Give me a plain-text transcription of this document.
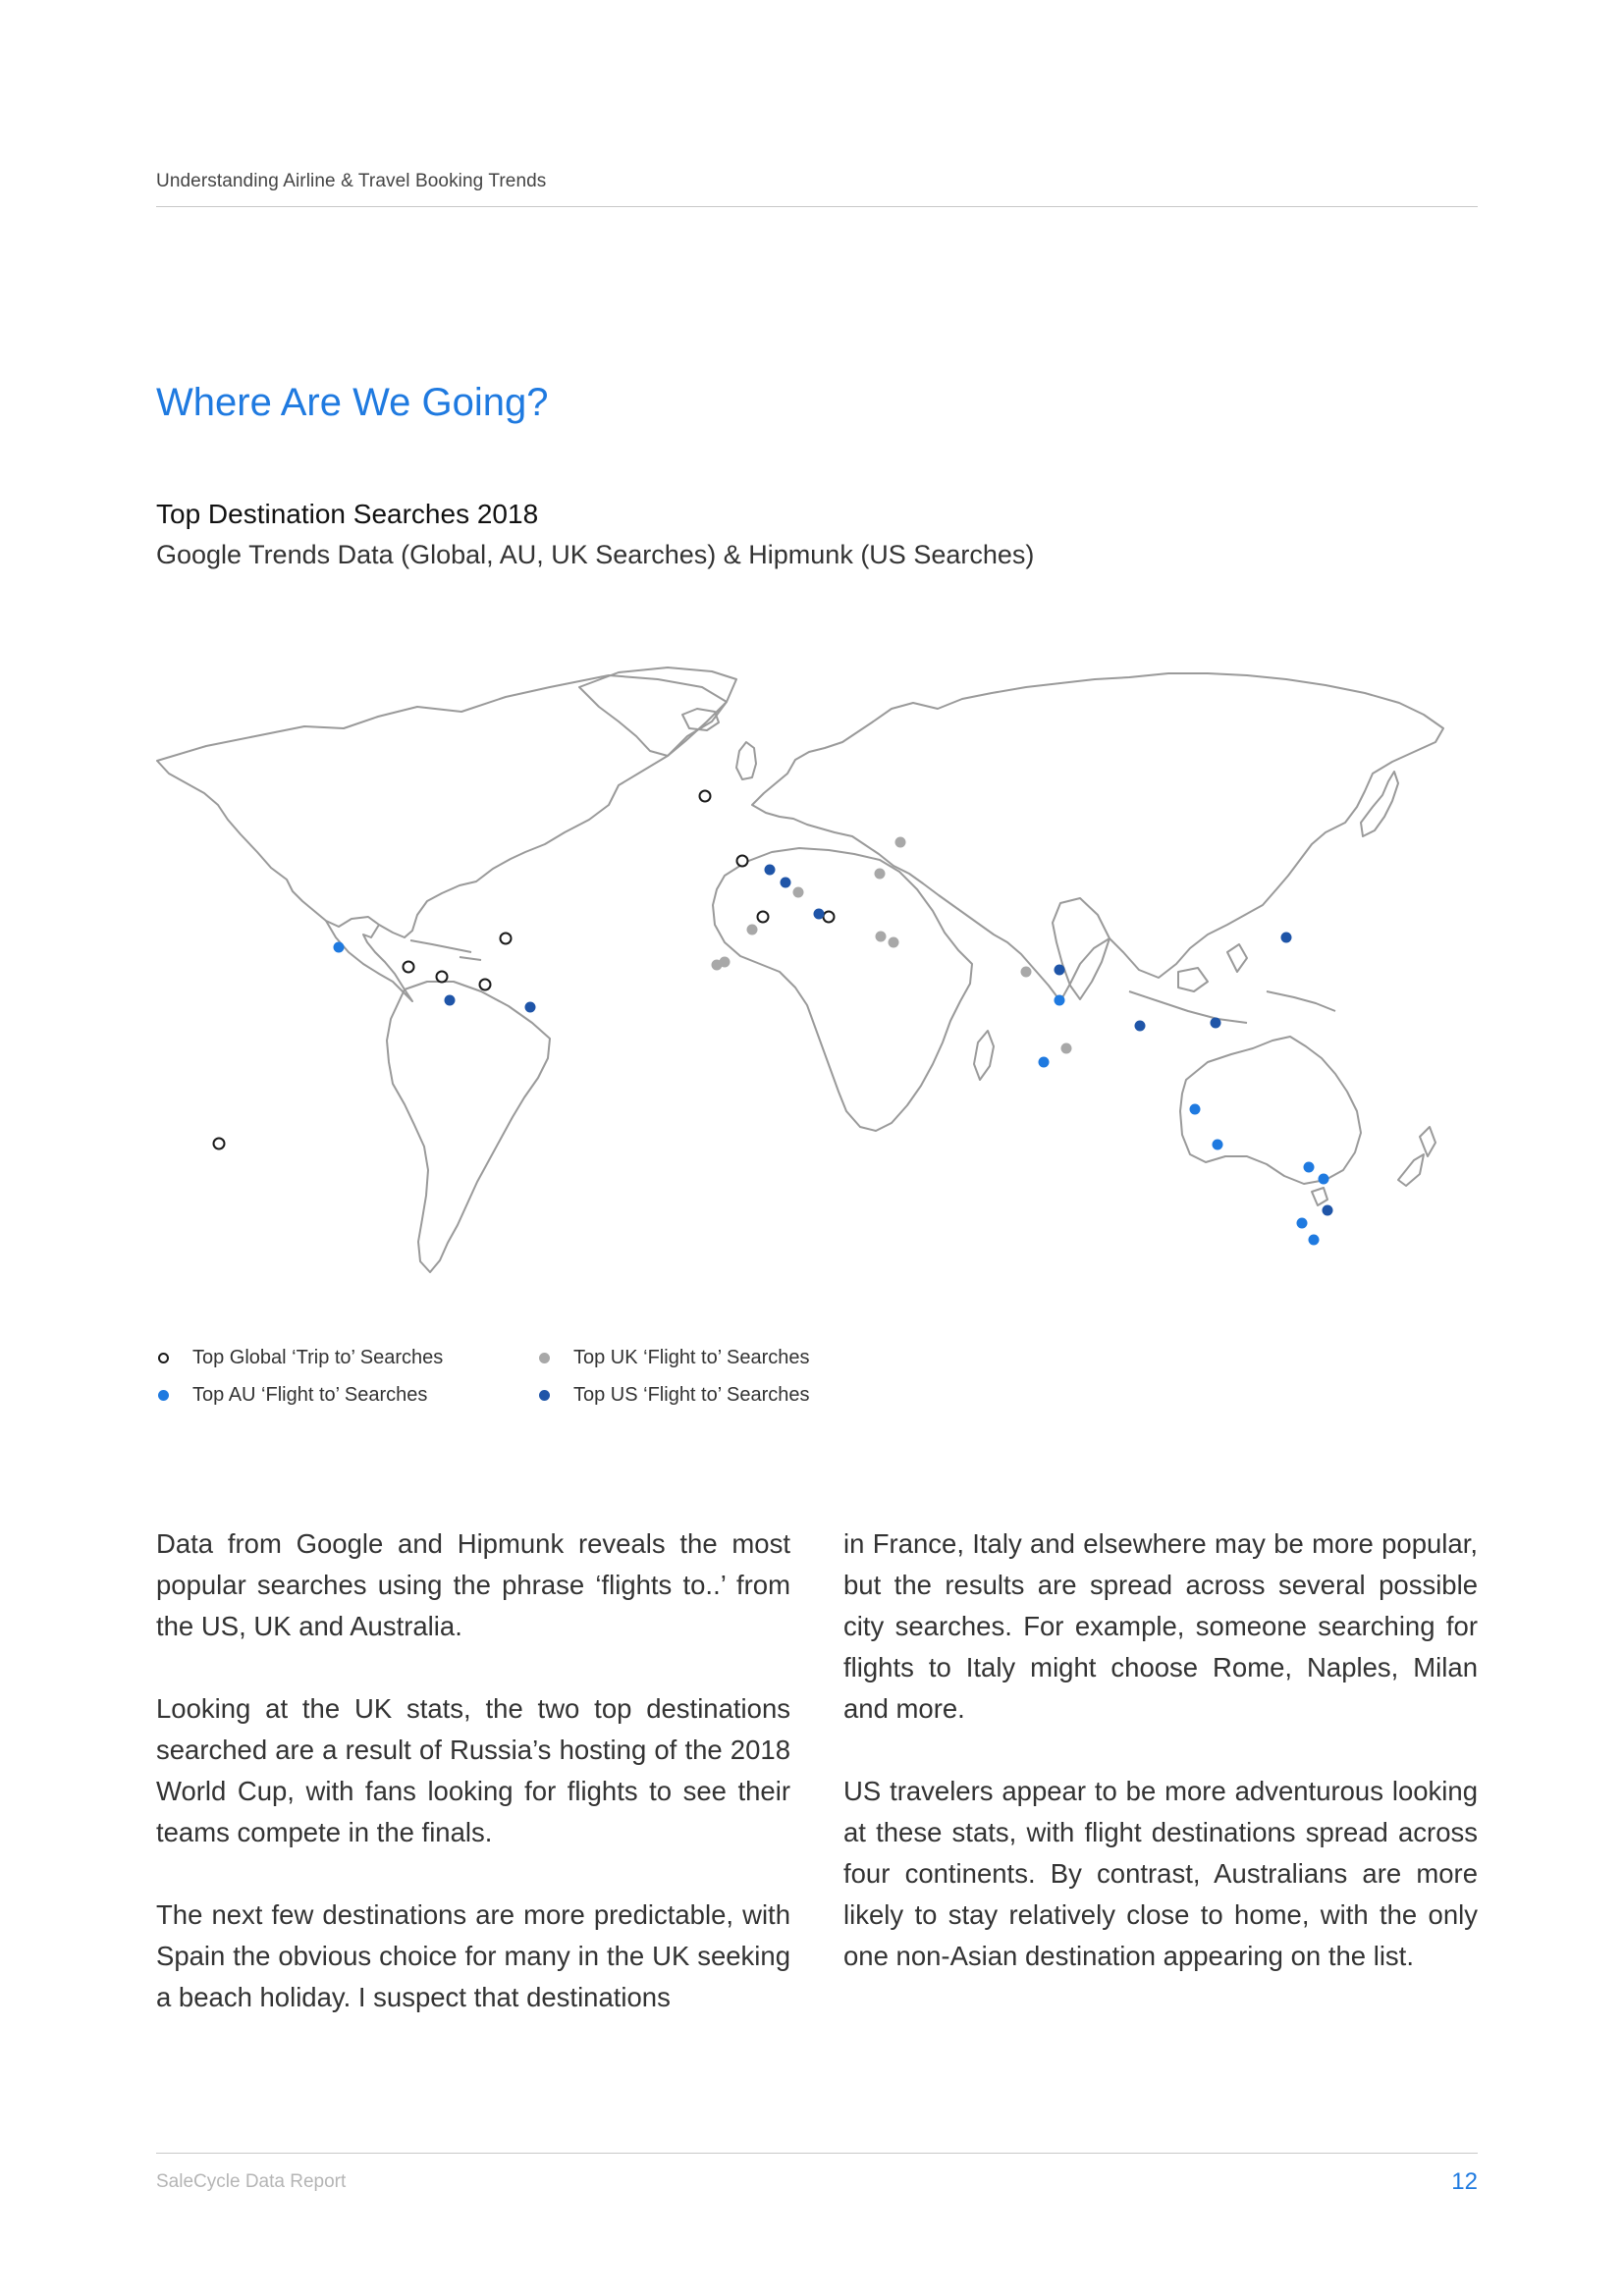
Understanding Airline & Travel Booking Trends
Where Are We Going?
Top Destination Searches 2018
Google Trends Data (Global, AU, UK Searches) & Hipmunk (US Searches)
Top Global ‘Trip to’ Searches
Top AU ‘Flight to’ Searches
Top UK ‘Flight to’ Searches
Top US ‘Flight to’ Searches

Data from Google and Hipmunk reveals the most popular searches using the phrase ‘flights to..’ from the US, UK and Australia.

Looking at the UK stats, the two top destinations searched are a result of Russia’s hosting of the 2018 World Cup, with fans looking for flights to see their teams compete in the finals.

The next few destinations are more predictable, with Spain the obvious choice for many in the UK seeking a beach holiday. I suspect that destinations

in France, Italy and elsewhere may be more popular, but the results are spread across several possible city searches. For example, someone searching for flights to Italy might choose Rome, Naples, Milan and more.

US travelers appear to be more adventurous looking at these stats, with flight destinations spread across four continents. By contrast, Australians are more likely to stay relatively close to home, with the only one non-Asian destination appearing on the list.

SaleCycle Data Report	12
